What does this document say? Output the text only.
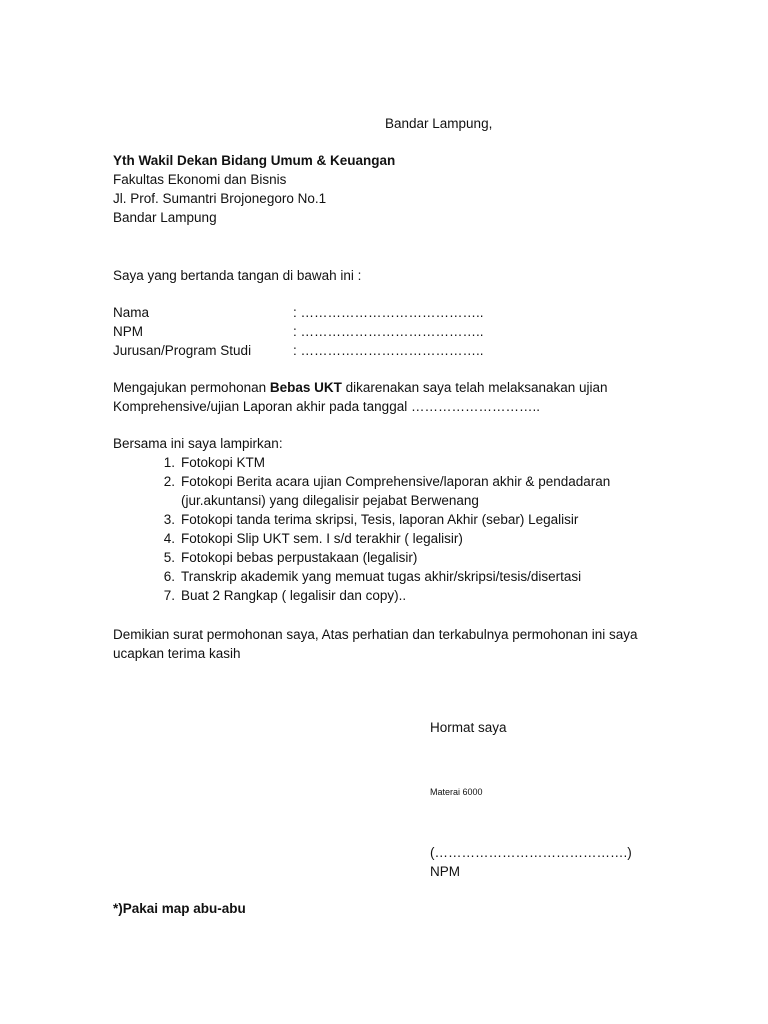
Bandar Lampung,
Yth Wakil Dekan Bidang Umum & Keuangan
Fakultas Ekonomi dan Bisnis
Jl. Prof. Sumantri Brojonegoro No.1
Bandar Lampung
Saya yang bertanda tangan di bawah ini :
Nama	: …………………………………..
NPM	: …………………………………..
Jurusan/Program Studi	: …………………………………..
Mengajukan permohonan Bebas UKT dikarenakan saya telah melaksanakan ujian
Komprehensive/ujian Laporan akhir pada tanggal ………………………..
Bersama ini saya lampirkan:
1. Fotokopi KTM
2. Fotokopi Berita acara ujian Comprehensive/laporan akhir & pendadaran
(jur.akuntansi) yang dilegalisir pejabat Berwenang
3. Fotokopi tanda terima skripsi, Tesis, laporan Akhir (sebar) Legalisir
4. Fotokopi Slip UKT sem. I s/d terakhir ( legalisir)
5. Fotokopi bebas perpustakaan (legalisir)
6. Transkrip akademik yang memuat tugas akhir/skripsi/tesis/disertasi
7. Buat 2 Rangkap ( legalisir dan copy)..
Demikian surat permohonan saya, Atas perhatian dan terkabulnya permohonan ini saya
ucapkan terima kasih
Hormat saya
Materai 6000
(…………………………………….)
NPM
*)Pakai map abu-abu
